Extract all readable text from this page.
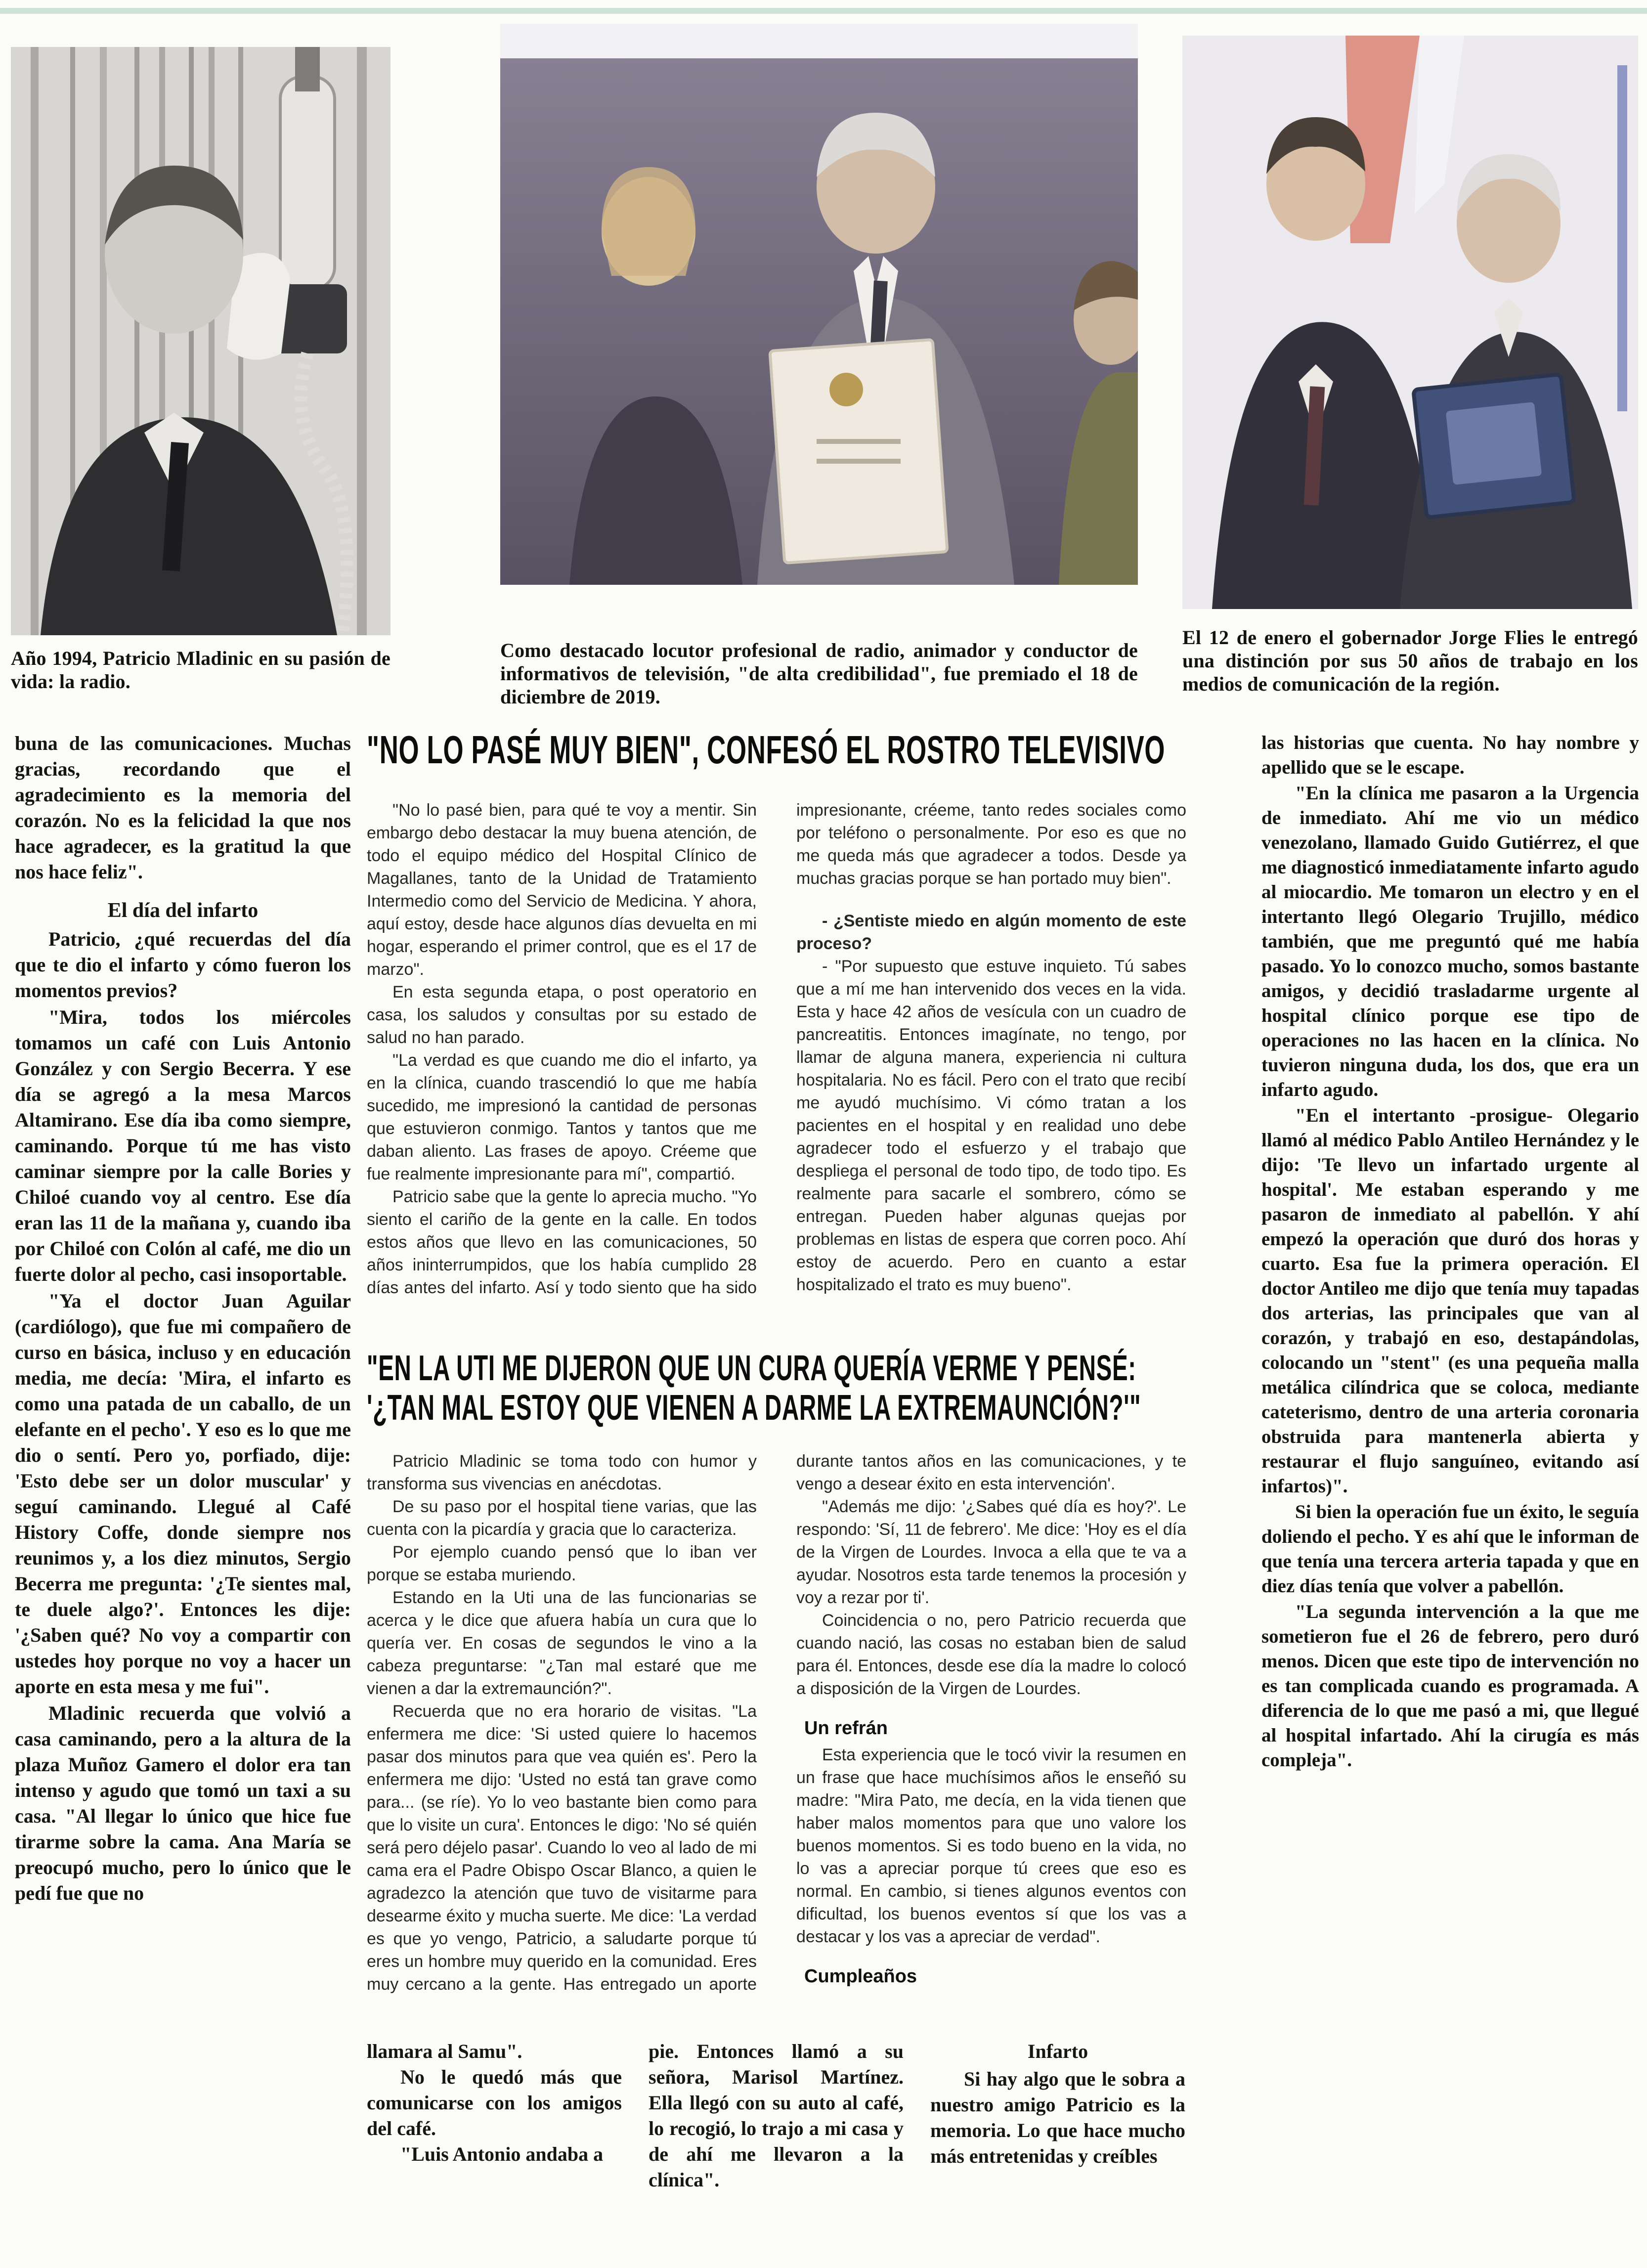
Año 1994, Patricio Mladinic en su pasión de vida: la radio.
Como destacado locutor profesional de radio, animador y conductor de informativos de televisión, "de alta credibilidad", fue premiado el 18 de diciembre de 2019.
El 12 de enero el gobernador Jorge Flies le entregó una distinción por sus 50 años de trabajo en los medios de comunicación de la región.

buna de las comunicaciones. Muchas gracias, recordando que el agradecimiento es la memoria del corazón. No es la felicidad la que nos hace agradecer, es la gratitud la que nos hace feliz".

El día del infarto

Patricio, ¿qué recuerdas del día que te dio el infarto y cómo fueron los momentos previos?

"Mira, todos los miércoles tomamos un café con Luis Antonio González y con Sergio Becerra. Y ese día se agregó a la mesa Marcos Altamirano. Ese día iba como siempre, caminando. Porque tú me has visto caminar siempre por la calle Bories y Chiloé cuando voy al centro. Ese día eran las 11 de la mañana y, cuando iba por Chiloé con Colón al café, me dio un fuerte dolor al pecho, casi insoportable.

"Ya el doctor Juan Aguilar (cardiólogo), que fue mi compañero de curso en básica, incluso y en educación media, me decía: 'Mira, el infarto es como una patada de un caballo, de un elefante en el pecho'. Y eso es lo que me dio o sentí. Pero yo, porfiado, dije: 'Esto debe ser un dolor muscular' y seguí caminando. Llegué al Café History Coffe, donde siempre nos reunimos y, a los diez minutos, Sergio Becerra me pregunta: '¿Te sientes mal, te duele algo?'. Entonces les dije: '¿Saben qué? No voy a compartir con ustedes hoy porque no voy a hacer un aporte en esta mesa y me fui".

Mladinic recuerda que volvió a casa caminando, pero a la altura de la plaza Muñoz Gamero el dolor era tan intenso y agudo que tomó un taxi a su casa. "Al llegar lo único que hice fue tirarme sobre la cama. Ana María se preocupó mucho, pero lo único que le pedí fue que no

"NO LO PASÉ MUY BIEN", CONFESÓ EL ROSTRO TELEVISIVO

"No lo pasé bien, para qué te voy a mentir. Sin embargo debo destacar la muy buena atención, de todo el equipo médico del Hospital Clínico de Magallanes, tanto de la Unidad de Tratamiento Intermedio como del Servicio de Medicina. Y ahora, aquí estoy, desde hace algunos días devuelta en mi hogar, esperando el primer control, que es el 17 de marzo".

En esta segunda etapa, o post operatorio en casa, los saludos y consultas por su estado de salud no han parado.

"La verdad es que cuando me dio el infarto, ya en la clínica, cuando trascendió lo que me había sucedido, me impresionó la cantidad de personas que estuvieron conmigo. Tantos y tantos que me daban aliento. Las frases de apoyo. Créeme que fue realmente impresionante para mí", compartió.

Patricio sabe que la gente lo aprecia mucho. "Yo siento el cariño de la gente en la calle. En todos estos años que llevo en las comunicaciones, 50 años ininterrumpidos, que los había cumplido 28 días antes del infarto. Así y todo siento que ha sido impresionante, créeme, tanto redes sociales como por teléfono o personalmente. Por eso es que no me queda más que agradecer a todos. Desde ya muchas gracias porque se han portado muy bien".

- ¿Sentiste miedo en algún momento de este proceso?

- "Por supuesto que estuve inquieto. Tú sabes que a mí me han intervenido dos veces en la vida. Esta y hace 42 años de vesícula con un cuadro de pancreatitis. Entonces imagínate, no tengo, por llamar de alguna manera, experiencia ni cultura hospitalaria. No es fácil. Pero con el trato que recibí me ayudó muchísimo. Vi cómo tratan a los pacientes en el hospital y en realidad uno debe agradecer todo el esfuerzo y el trabajo que despliega el personal de todo tipo, de todo tipo. Es realmente para sacarle el sombrero, cómo se entregan. Pueden haber algunas quejas por problemas en listas de espera que corren poco. Ahí estoy de acuerdo. Pero en cuanto a estar hospitalizado el trato es muy bueno".

"EN LA UTI ME DIJERON QUE UN CURA QUERÍA VERME Y PENSÉ:
'¿TAN MAL ESTOY QUE VIENEN A DARME LA EXTREMAUNCIÓN?'"

Patricio Mladinic se toma todo con humor y transforma sus vivencias en anécdotas.

De su paso por el hospital tiene varias, que las cuenta con la picardía y gracia que lo caracteriza.

Por ejemplo cuando pensó que lo iban ver porque se estaba muriendo.

Estando en la Uti una de las funcionarias se acerca y le dice que afuera había un cura que lo quería ver. En cosas de segundos le vino a la cabeza preguntarse: "¿Tan mal estaré que me vienen a dar la extremaunción?".

Recuerda que no era horario de visitas. "La enfermera me dice: 'Si usted quiere lo hacemos pasar dos minutos para que vea quién es'. Pero la enfermera me dijo: 'Usted no está tan grave como para... (se ríe). Yo lo veo bastante bien como para que lo visite un cura'. Entonces le digo: 'No sé quién será pero déjelo pasar'. Cuando lo veo al lado de mi cama era el Padre Obispo Oscar Blanco, a quien le agradezco la atención que tuvo de visitarme para desearme éxito y mucha suerte. Me dice: 'La verdad es que yo vengo, Patricio, a saludarte porque tú eres un hombre muy querido en la comunidad. Eres muy cercano a la gente. Has entregado un aporte durante tantos años en las comunicaciones, y te vengo a desear éxito en esta intervención'.

"Además me dijo: '¿Sabes qué día es hoy?'. Le respondo: 'Sí, 11 de febrero'. Me dice: 'Hoy es el día de la Virgen de Lourdes. Invoca a ella que te va a ayudar. Nosotros esta tarde tenemos la procesión y voy a rezar por ti'.

Coincidencia o no, pero Patricio recuerda que cuando nació, las cosas no estaban bien de salud para él. Entonces, desde ese día la madre lo colocó a disposición de la Virgen de Lourdes.

Un refrán

Esta experiencia que le tocó vivir la resumen en un frase que hace muchísimos años le enseñó su madre: "Mira Pato, me decía, en la vida tienen que haber malos momentos para que uno valore los buenos momentos. Si es todo bueno en la vida, no lo vas a apreciar porque tú crees que eso es normal. En cambio, si tienes algunos eventos con dificultad, los buenos eventos sí que los vas a destacar y los vas a apreciar de verdad".

Cumpleaños

llamara al Samu".

No le quedó más que comunicarse con los amigos del café.

"Luis Antonio andaba a

pie. Entonces llamó a su señora, Marisol Martínez. Ella llegó con su auto al café, lo recogió, lo trajo a mi casa y de ahí me llevaron a la clínica".

Infarto

Si hay algo que le sobra a nuestro amigo Patricio es la memoria. Lo que hace mucho más entretenidas y creíbles

las historias que cuenta. No hay nombre y apellido que se le escape.

"En la clínica me pasaron a la Urgencia de inmediato. Ahí me vio un médico venezolano, llamado Guido Gutiérrez, el que me diagnosticó inmediatamente infarto agudo al miocardio. Me tomaron un electro y en el intertanto llegó Olegario Trujillo, médico también, que me preguntó qué me había pasado. Yo lo conozco mucho, somos bastante amigos, y decidió trasladarme urgente al hospital clínico porque ese tipo de operaciones no las hacen en la clínica. No tuvieron ninguna duda, los dos, que era un infarto agudo.

"En el intertanto -prosigue- Olegario llamó al médico Pablo Antileo Hernández y le dijo: 'Te llevo un infartado urgente al hospital'. Me estaban esperando y me pasaron de inmediato al pabellón. Y ahí empezó la operación que duró dos horas y cuarto. Esa fue la primera operación. El doctor Antileo me dijo que tenía muy tapadas dos arterias, las principales que van al corazón, y trabajó en eso, destapándolas, colocando un "stent" (es una pequeña malla metálica cilíndrica que se coloca, mediante cateterismo, dentro de una arteria coronaria obstruida para mantenerla abierta y restaurar el flujo sanguíneo, evitando así infartos)".

Si bien la operación fue un éxito, le seguía doliendo el pecho. Y es ahí que le informan de que tenía una tercera arteria tapada y que en diez días tenía que volver a pabellón.

"La segunda intervención a la que me sometieron fue el 26 de febrero, pero duró menos. Dicen que este tipo de intervención no es tan complicada cuando es programada. A diferencia de lo que me pasó a mi, que llegué al hospital infartado. Ahí la cirugía es más compleja".
